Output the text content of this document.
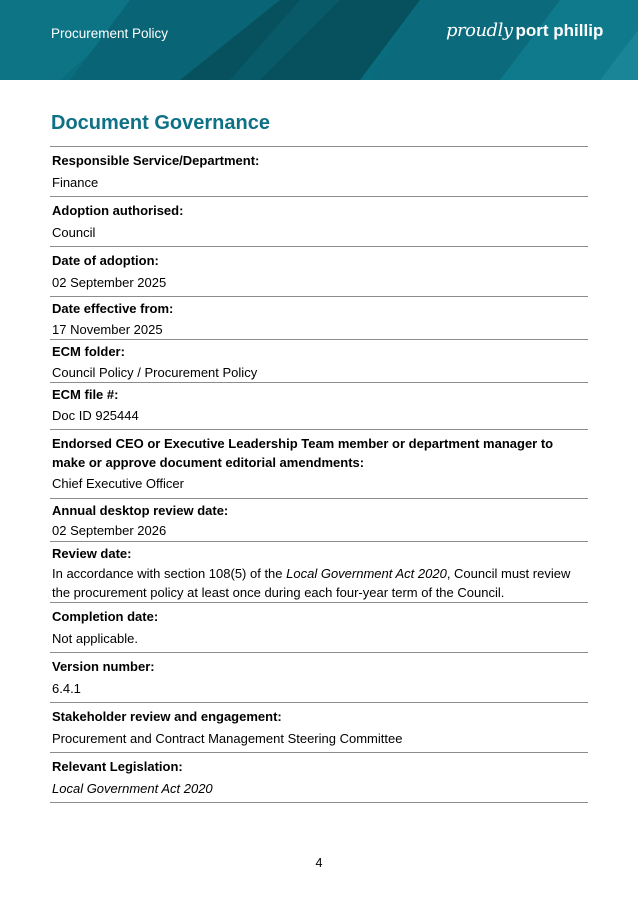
Procurement Policy	proudly port phillip
Document Governance
Responsible Service/Department:
Finance
Adoption authorised:
Council
Date of adoption:
02 September 2025
Date effective from:
17 November 2025
ECM folder:
Council Policy / Procurement Policy
ECM file #:
Doc ID 925444
Endorsed CEO or Executive Leadership Team member or department manager to make or approve document editorial amendments:
Chief Executive Officer
Annual desktop review date:
02 September 2026
Review date:
In accordance with section 108(5) of the Local Government Act 2020, Council must review the procurement policy at least once during each four-year term of the Council.
Completion date:
Not applicable.
Version number:
6.4.1
Stakeholder review and engagement:
Procurement and Contract Management Steering Committee
Relevant Legislation:
Local Government Act 2020
4
